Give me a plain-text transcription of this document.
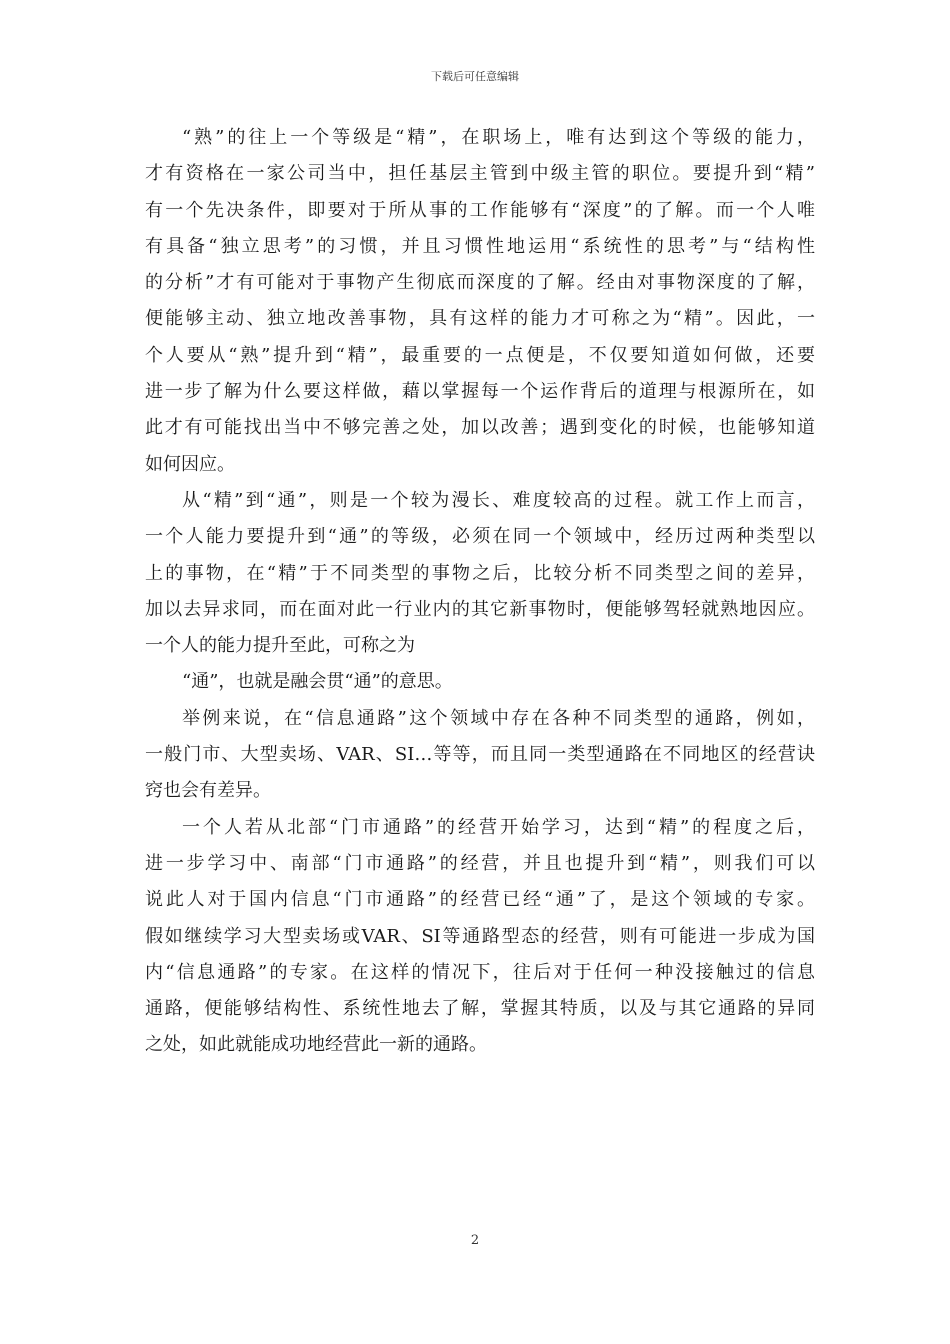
下载后可任意编辑
“熟”的往上一个等级是“精”，在职场上，唯有达到这个等级的能力，
才有资格在一家公司当中，担任基层主管到中级主管的职位。要提升到“精”
有一个先决条件，即要对于所从事的工作能够有“深度”的了解。而一个人唯
有具备“独立思考”的习惯，并且习惯性地运用“系统性的思考”与“结构性
的分析”才有可能对于事物产生彻底而深度的了解。经由对事物深度的了解，
便能够主动、独立地改善事物，具有这样的能力才可称之为“精”。因此，一
个人要从“熟”提升到“精”，最重要的一点便是，不仅要知道如何做，还要
进一步了解为什么要这样做，藉以掌握每一个运作背后的道理与根源所在，如
此才有可能找出当中不够完善之处，加以改善；遇到变化的时候，也能够知道
如何因应。
从“精”到“通”，则是一个较为漫长、难度较高的过程。就工作上而言，
一个人能力要提升到“通”的等级，必须在同一个领域中，经历过两种类型以
上的事物，在“精”于不同类型的事物之后，比较分析不同类型之间的差异，
加以去异求同，而在面对此一行业内的其它新事物时，便能够驾轻就熟地因应。
一个人的能力提升至此，可称之为
“通”，也就是融会贯“通”的意思。
举例来说，在“信息通路”这个领域中存在各种不同类型的通路，例如，
一般门市、大型卖场、VAR、SI…等等，而且同一类型通路在不同地区的经营诀
窍也会有差异。
一个人若从北部“门市通路”的经营开始学习，达到“精”的程度之后，
进一步学习中、南部“门市通路”的经营，并且也提升到“精”，则我们可以
说此人对于国内信息“门市通路”的经营已经“通”了，是这个领域的专家。
假如继续学习大型卖场或VAR、SI等通路型态的经营，则有可能进一步成为国
内“信息通路”的专家。在这样的情况下，往后对于任何一种没接触过的信息
通路，便能够结构性、系统性地去了解，掌握其特质，以及与其它通路的异同
之处，如此就能成功地经营此一新的通路。
2
